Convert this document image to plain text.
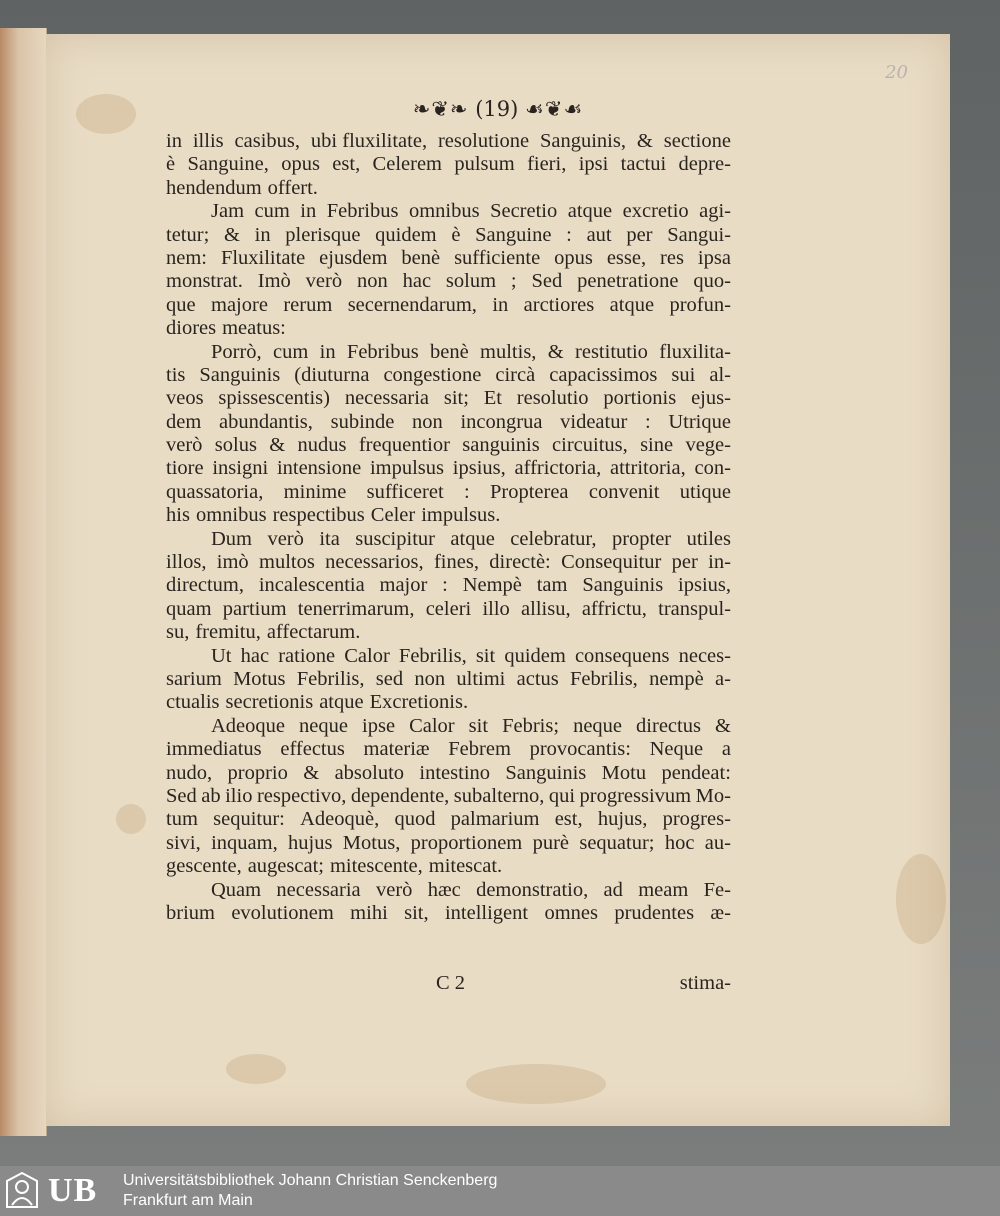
20
❧❦❧ (19) ☙❦☙
in illis casibus, ubi fluxilitate, resolutione Sanguinis, & sectione
è Sanguine, opus est, Celerem pulsum fieri, ipsi tactui depre-
hendendum offert.
Jam cum in Febribus omnibus Secretio atque excretio agi-
tetur; & in plerisque quidem è Sanguine : aut per Sangui-
nem: Fluxilitate ejusdem benè sufficiente opus esse, res ipsa
monstrat. Imò verò non hac solum ; Sed penetratione quo-
que majore rerum secernendarum, in arctiores atque profun-
diores meatus:
Porrò, cum in Febribus benè multis, & restitutio fluxilita-
tis Sanguinis (diuturna congestione circà capacissimos sui al-
veos spissescentis) necessaria sit; Et resolutio portionis ejus-
dem abundantis, subinde non incongrua videatur : Utrique
verò solus & nudus frequentior sanguinis circuitus, sine vege-
tiore insigni intensione impulsus ipsius, affrictoria, attritoria, con-
quassatoria, minime sufficeret : Propterea convenit utique
his omnibus respectibus Celer impulsus.
Dum verò ita suscipitur atque celebratur, propter utiles
illos, imò multos necessarios, fines, directè: Consequitur per in-
directum, incalescentia major : Nempè tam Sanguinis ipsius,
quam partium tenerrimarum, celeri illo allisu, affrictu, transpul-
su, fremitu, affectarum.
Ut hac ratione Calor Febrilis, sit quidem consequens neces-
sarium Motus Febrilis, sed non ultimi actus Febrilis, nempè a-
ctualis secretionis atque Excretionis.
Adeoque neque ipse Calor sit Febris; neque directus &
immediatus effectus materiæ Febrem provocantis: Neque a
nudo, proprio & absoluto intestino Sanguinis Motu pendeat:
Sed ab ilio respectivo, dependente, subalterno, qui progressivum Mo-
tum sequitur: Adeoquè, quod palmarium est, hujus, progres-
sivi, inquam, hujus Motus, proportionem purè sequatur; hoc au-
gescente, augescat; mitescente, mitescat.
Quam necessaria verò hæc demonstratio, ad meam Fe-
brium evolutionem mihi sit, intelligent omnes prudentes æ-
C 2	stima-
UB Universitätsbibliothek Johann Christian Senckenberg
Frankfurt am Main
